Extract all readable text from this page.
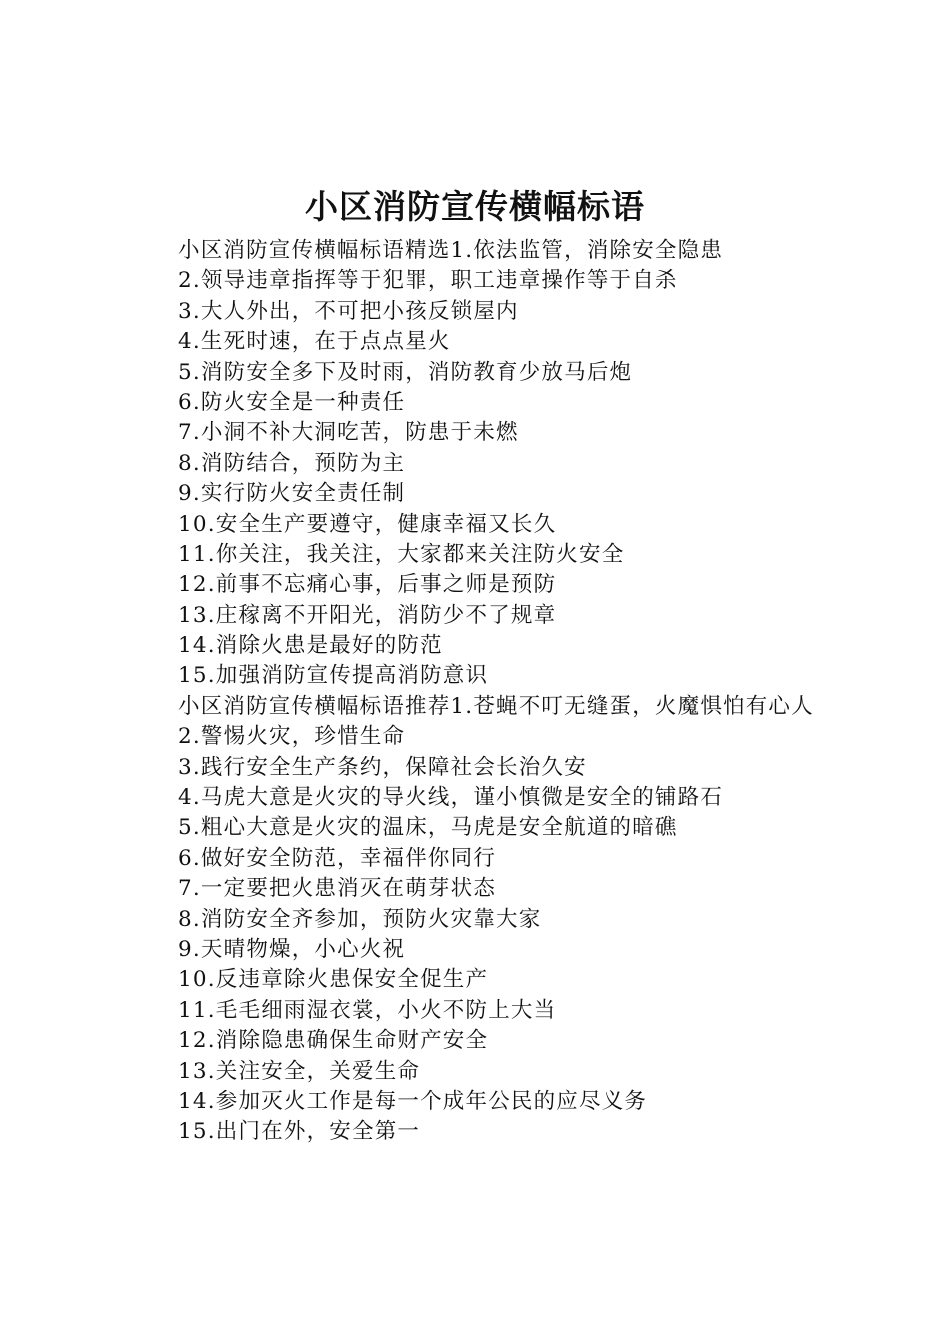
小区消防宣传横幅标语
小区消防宣传横幅标语精选1.依法监管，消除安全隐患
2.领导违章指挥等于犯罪，职工违章操作等于自杀
3.大人外出，不可把小孩反锁屋内
4.生死时速，在于点点星火
5.消防安全多下及时雨，消防教育少放马后炮
6.防火安全是一种责任
7.小洞不补大洞吃苦，防患于未燃
8.消防结合，预防为主
9.实行防火安全责任制
10.安全生产要遵守，健康幸福又长久
11.你关注，我关注，大家都来关注防火安全
12.前事不忘痛心事，后事之师是预防
13.庄稼离不开阳光，消防少不了规章
14.消除火患是最好的防范
15.加强消防宣传提高消防意识
小区消防宣传横幅标语推荐1.苍蝇不叮无缝蛋，火魔惧怕有心人
2.警惕火灾，珍惜生命
3.践行安全生产条约，保障社会长治久安
4.马虎大意是火灾的导火线，谨小慎微是安全的铺路石
5.粗心大意是火灾的温床，马虎是安全航道的暗礁
6.做好安全防范，幸福伴你同行
7.一定要把火患消灭在萌芽状态
8.消防安全齐参加，预防火灾靠大家
9.天晴物燥，小心火祝
10.反违章除火患保安全促生产
11.毛毛细雨湿衣裳，小火不防上大当
12.消除隐患确保生命财产安全
13.关注安全，关爱生命
14.参加灭火工作是每一个成年公民的应尽义务
15.出门在外，安全第一
